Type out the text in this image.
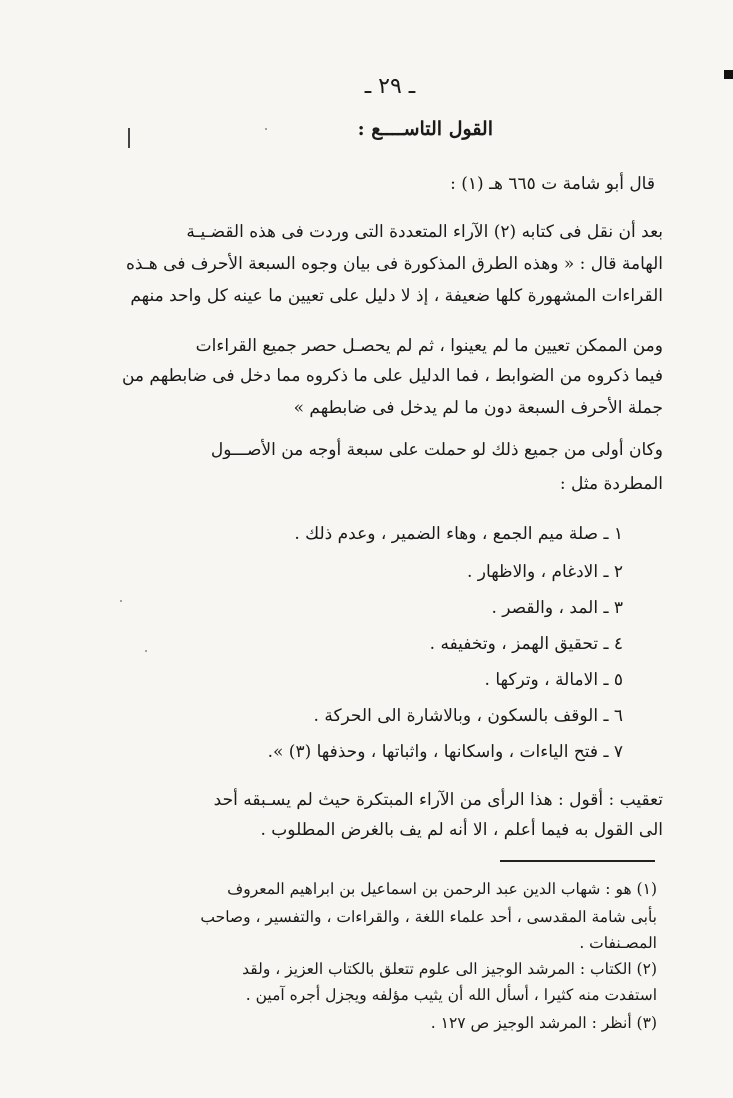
ـ ٢٩ ـ
القول التاســــع :
قال أبو شامة ت ٦٦٥ هـ (١) :
بعد أن نقل فى كتابه (٢) الآراء المتعددة التى وردت فى هذه القضـيـة
الهامة قال : « وهذه الطرق المذكورة فى بيان وجوه السبعة الأحرف فى هـذه
القراءات المشهورة كلها ضعيفة ، إذ لا دليل على تعيين ما عينه كل واحد منهم
ومن الممكن تعيين ما لم يعينوا ، ثم لم يحصـل حصر جميع القراءات
فيما ذكروه من الضوابط ، فما الدليل على ما ذكروه مما دخل فى ضابطهم من
جملة الأحرف السبعة دون ما لم يدخل فى ضابطهم »
وكان أولى من جميع ذلك لو حملت على سبعة أوجه من الأصـــول
المطردة مثل :
١ ـ صلة ميم الجمع ، وهاء الضمير ، وعدم ذلك .
٢ ـ الادغام ، والاظهار .
٣ ـ المد ، والقصر .
٤ ـ تحقيق الهمز ، وتخفيفه .
٥ ـ الامالة ، وتركها .
٦ ـ الوقف بالسكون ، وبالاشارة الى الحركة .
٧ ـ فتح الياءات ، واسكانها ، واثباتها ، وحذفها (٣) ».
تعقيب : أقول : هذا الرأى من الآراء المبتكرة حيث لم يسـبقه أحد
الى القول به فيما أعلم ، الا أنه لم يف بالغرض المطلوب .
(١) هو : شهاب الدين عبد الرحمن بن اسماعيل بن ابراهيم المعروف
بأبى شامة المقدسى ، أحد علماء اللغة ، والقراءات ، والتفسير ، وصاحب
المصـنفات .
(٢) الكتاب : المرشد الوجيز الى علوم تتعلق بالكتاب العزيز ، ولقد
استفدت منه كثيرا ، أسأل الله أن يثيب مؤلفه ويجزل أجره آمين .
(٣) أنظر : المرشد الوجيز ص ١٢٧ .
